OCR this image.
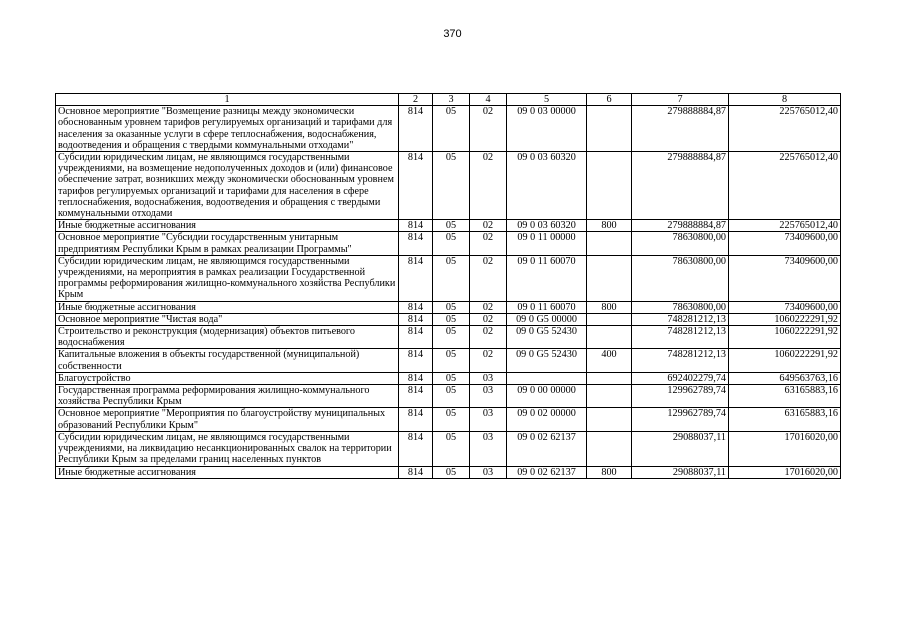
370
1	2	3	4	5	6	7	8
Основное мероприятие "Возмещение разницы между экономически обоснованным уровнем тарифов регулируемых организаций и тарифами для населения за оказанные услуги в сфере теплоснабжения, водоснабжения, водоотведения и обращения с твердыми коммунальными отходами"	814	05	02	09 0 03 00000		279888884,87	225765012,40
Субсидии юридическим лицам, не являющимся государственными учреждениями, на возмещение недополученных доходов и (или) финансовое обеспечение затрат, возникших между экономически обоснованным уровнем тарифов регулируемых организаций и тарифами для населения в сфере теплоснабжения, водоснабжения, водоотведения и обращения с твердыми коммунальными отходами	814	05	02	09 0 03 60320		279888884,87	225765012,40
Иные бюджетные ассигнования	814	05	02	09 0 03 60320	800	279888884,87	225765012,40
Основное мероприятие "Субсидии государственным унитарным предприятиям Республики Крым в рамках реализации Программы"	814	05	02	09 0 11 00000		78630800,00	73409600,00
Субсидии юридическим лицам, не являющимся государственными учреждениями, на мероприятия в рамках реализации Государственной программы реформирования жилищно-коммунального хозяйства Республики Крым	814	05	02	09 0 11 60070		78630800,00	73409600,00
Иные бюджетные ассигнования	814	05	02	09 0 11 60070	800	78630800,00	73409600,00
Основное мероприятие "Чистая вода"	814	05	02	09 0 G5 00000		748281212,13	1060222291,92
Строительство и реконструкция (модернизация) объектов питьевого водоснабжения	814	05	02	09 0 G5 52430		748281212,13	1060222291,92
Капитальные вложения в объекты государственной (муниципальной) собственности	814	05	02	09 0 G5 52430	400	748281212,13	1060222291,92
Благоустройство	814	05	03			692402279,74	649563763,16
Государственная программа реформирования жилищно-коммунального хозяйства Республики Крым	814	05	03	09 0 00 00000		129962789,74	63165883,16
Основное мероприятие "Мероприятия по благоустройству муниципальных образований Республики Крым"	814	05	03	09 0 02 00000		129962789,74	63165883,16
Субсидии юридическим лицам, не являющимся государственными учреждениями, на ликвидацию несанкционированных свалок на территории Республики Крым за пределами границ населенных пунктов	814	05	03	09 0 02 62137		29088037,11	17016020,00
Иные бюджетные ассигнования	814	05	03	09 0 02 62137	800	29088037,11	17016020,00
